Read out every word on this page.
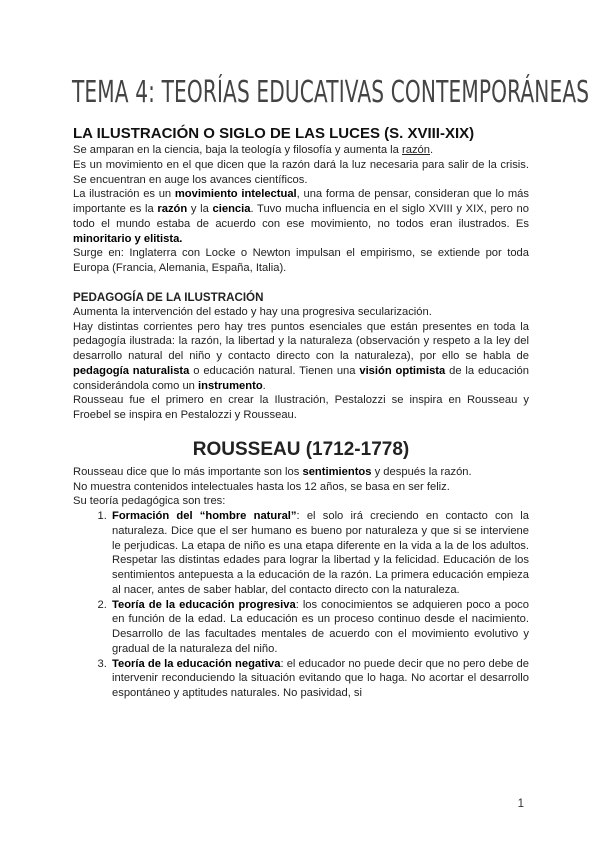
TEMA 4: TEORÍAS EDUCATIVAS CONTEMPORÁNEAS
LA ILUSTRACIÓN O SIGLO DE LAS LUCES (S. XVIII-XIX)

Se amparan en la ciencia, baja la teología y filosofía y aumenta la razón.

Es un movimiento en el que dicen que la razón dará la luz necesaria para salir de la crisis. Se encuentran en auge los avances científicos.

La ilustración es un movimiento intelectual, una forma de pensar, consideran que lo más importante es la razón y la ciencia. Tuvo mucha influencia en el siglo XVIII y XIX, pero no todo el mundo estaba de acuerdo con ese movimiento, no todos eran ilustrados. Es minoritario y elitista.

Surge en: Inglaterra con Locke o Newton impulsan el empirismo, se extiende por toda Europa (Francia, Alemania, España, Italia).

PEDAGOGÍA DE LA ILUSTRACIÓN

Aumenta la intervención del estado y hay una progresiva secularización.

Hay distintas corrientes pero hay tres puntos esenciales que están presentes en toda la pedagogía ilustrada: la razón, la libertad y la naturaleza (observación y respeto a la ley del desarrollo natural del niño y contacto directo con la naturaleza), por ello se habla de pedagogía naturalista o educación natural. Tienen una visión optimista de la educación considerándola como un instrumento.

Rousseau fue el primero en crear la Ilustración, Pestalozzi se inspira en Rousseau y Froebel se inspira en Pestalozzi y Rousseau.

ROUSSEAU (1712-1778)

Rousseau dice que lo más importante son los sentimientos y después la razón.

No muestra contenidos intelectuales hasta los 12 años, se basa en ser feliz.

Su teoría pedagógica son tres:

1. Formación del “hombre natural”: el solo irá creciendo en contacto con la naturaleza. Dice que el ser humano es bueno por naturaleza y que si se interviene le perjudicas. La etapa de niño es una etapa diferente en la vida a la de los adultos. Respetar las distintas edades para lograr la libertad y la felicidad. Educación de los sentimientos antepuesta a la educación de la razón. La primera educación empieza al nacer, antes de saber hablar, del contacto directo con la naturaleza.
2. Teoría de la educación progresiva: los conocimientos se adquieren poco a poco en función de la edad. La educación es un proceso continuo desde el nacimiento. Desarrollo de las facultades mentales de acuerdo con el movimiento evolutivo y gradual de la naturaleza del niño.
3. Teoría de la educación negativa: el educador no puede decir que no pero debe de intervenir reconduciendo la situación evitando que lo haga. No acortar el desarrollo espontáneo y aptitudes naturales. No pasividad, si
1
